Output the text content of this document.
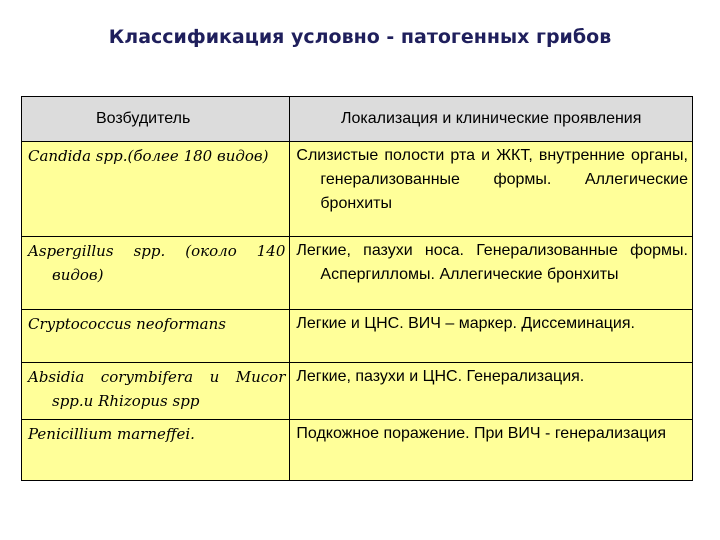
Классификация условно - патогенных грибов
Возбудитель	Локализация и клинические проявления

Candida spp.(более 180 видов)	Слизистые полости рта и ЖКТ, внутренние органы, генерализованные формы. Аллегические бронхиты

Aspergillus spp. (около 140 видов)	Легкие, пазухи носа. Генерализованные формы. Аспергилломы. Аллегические бронхиты

Cryptococcus neoformans	Легкие и ЦНС. ВИЧ – маркер. Диссеминация.

Absidia corymbifera и Mucor spp.и Rhizopus spp	Легкие, пазухи и ЦНС. Генерализация.

Penicillium marneffei.	Подкожное поражение. При ВИЧ - генерализация
